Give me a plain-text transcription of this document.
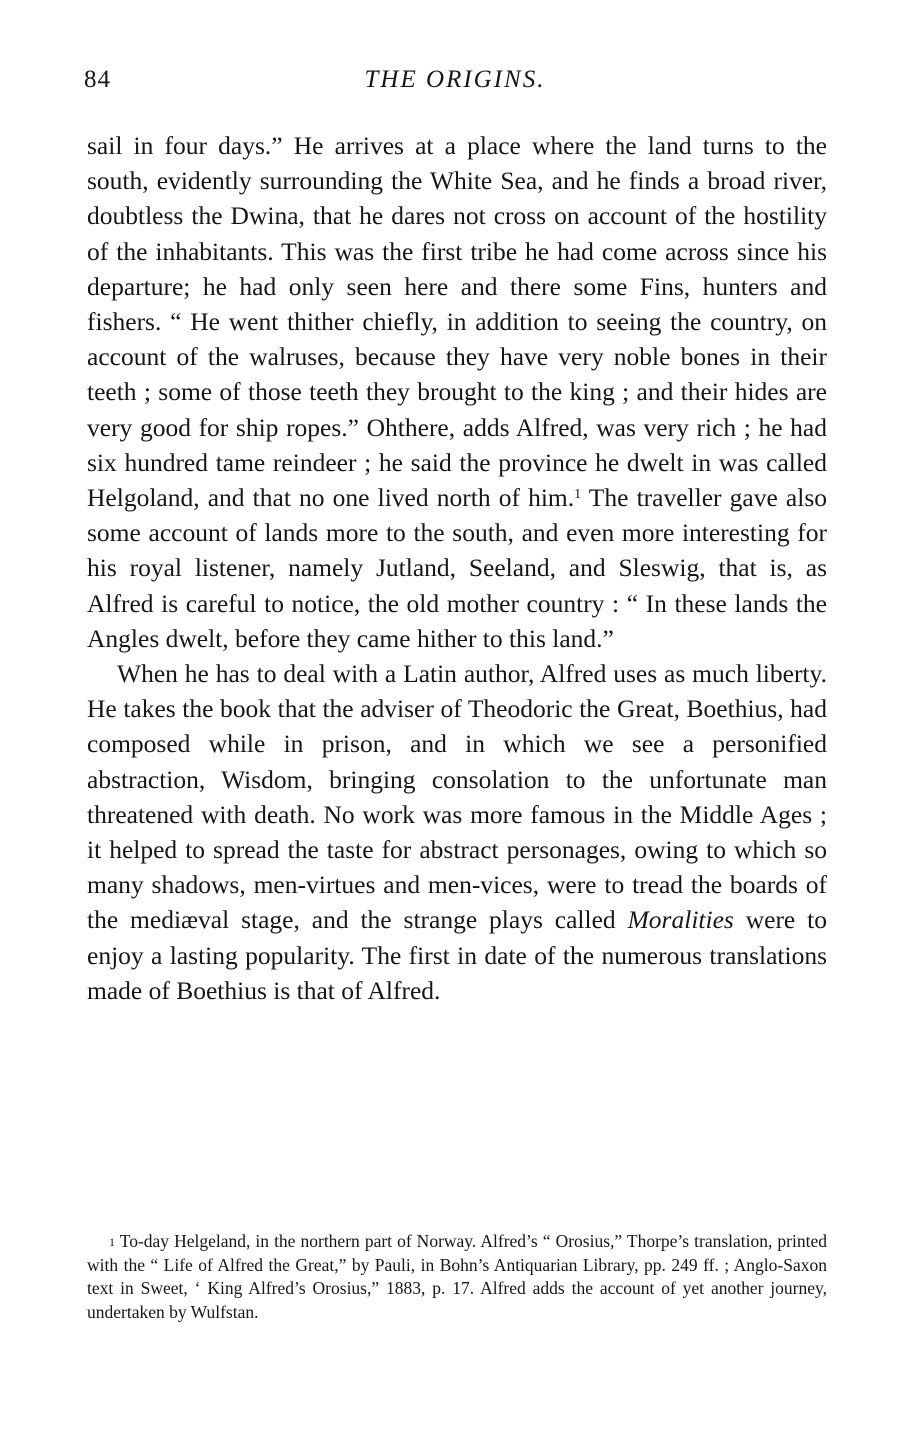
84	THE ORIGINS.

sail in four days.” He arrives at a place where the land turns to the south, evidently surrounding the White Sea, and he finds a broad river, doubtless the Dwina, that he dares not cross on account of the hostility of the inhabitants. This was the first tribe he had come across since his departure; he had only seen here and there some Fins, hunters and fishers. “ He went thither chiefly, in addition to seeing the country, on account of the walruses, because they have very noble bones in their teeth ; some of those teeth they brought to the king ; and their hides are very good for ship ropes.” Ohthere, adds Alfred, was very rich ; he had six hundred tame reindeer ; he said the province he dwelt in was called Helgoland, and that no one lived north of him.$^1$ The traveller gave also some account of lands more to the south, and even more interesting for his royal listener, namely Jutland, Seeland, and Sleswig, that is, as Alfred is careful to notice, the old mother country : “ In these lands the Angles dwelt, before they came hither to this land.”

When he has to deal with a Latin author, Alfred uses as much liberty. He takes the book that the adviser of Theodoric the Great, Boethius, had composed while in prison, and in which we see a personified abstraction, Wisdom, bringing consolation to the unfortunate man threatened with death. No work was more famous in the Middle Ages ; it helped to spread the taste for abstract personages, owing to which so many shadows, men-virtues and men-vices, were to tread the boards of the mediæval stage, and the strange plays called Moralities were to enjoy a lasting popularity. The first in date of the numerous translations made of Boethius is that of Alfred.

$^1$ To-day Helgeland, in the northern part of Norway. Alfred’s “ Orosius,” Thorpe’s translation, printed with the “ Life of Alfred the Great,” by Pauli, in Bohn’s Antiquarian Library, pp. 249 ff. ; Anglo-Saxon text in Sweet, ‘ King Alfred’s Orosius,” 1883, p. 17. Alfred adds the account of yet another journey, undertaken by Wulfstan.
